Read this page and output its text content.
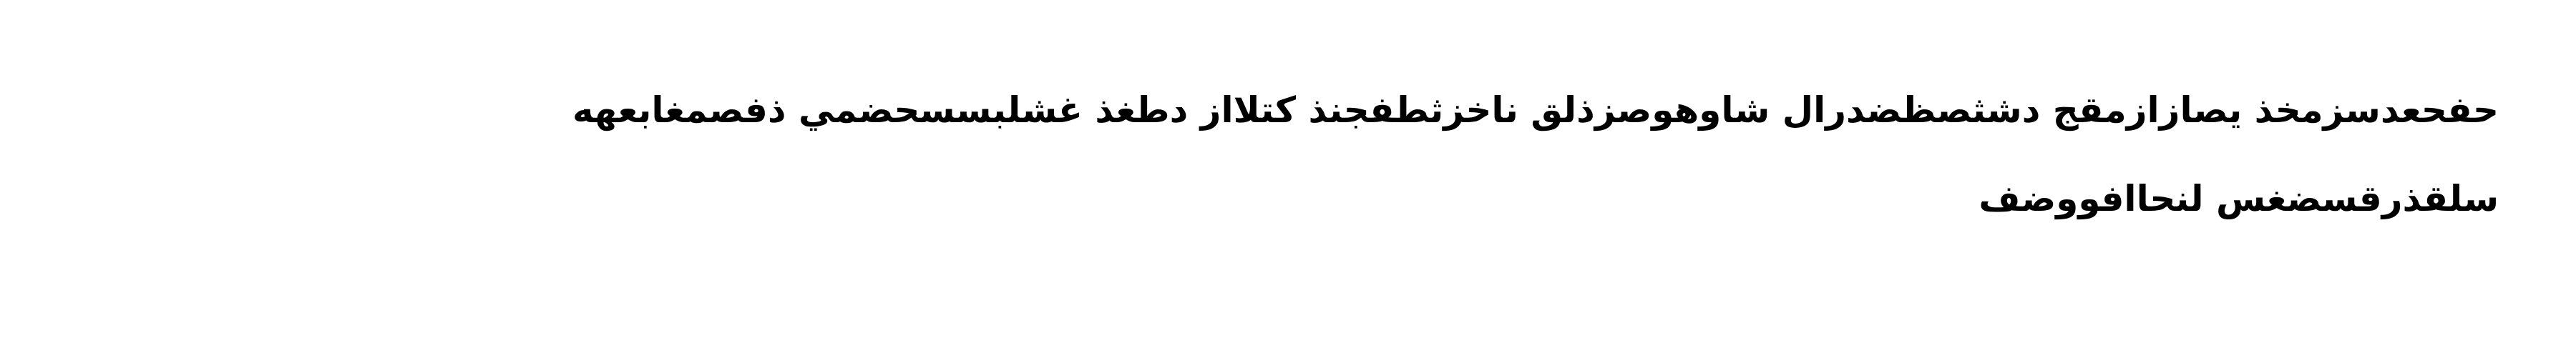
حفحعدسزمخذ يصازازمقج دشثصظضدرال شاوهوصزذلق ناخزثطفجنذ كتلااز دطغذ غشلبسسحضمي ذفصمغابعهه
سلقذرقسضغس لنحاافووضف
